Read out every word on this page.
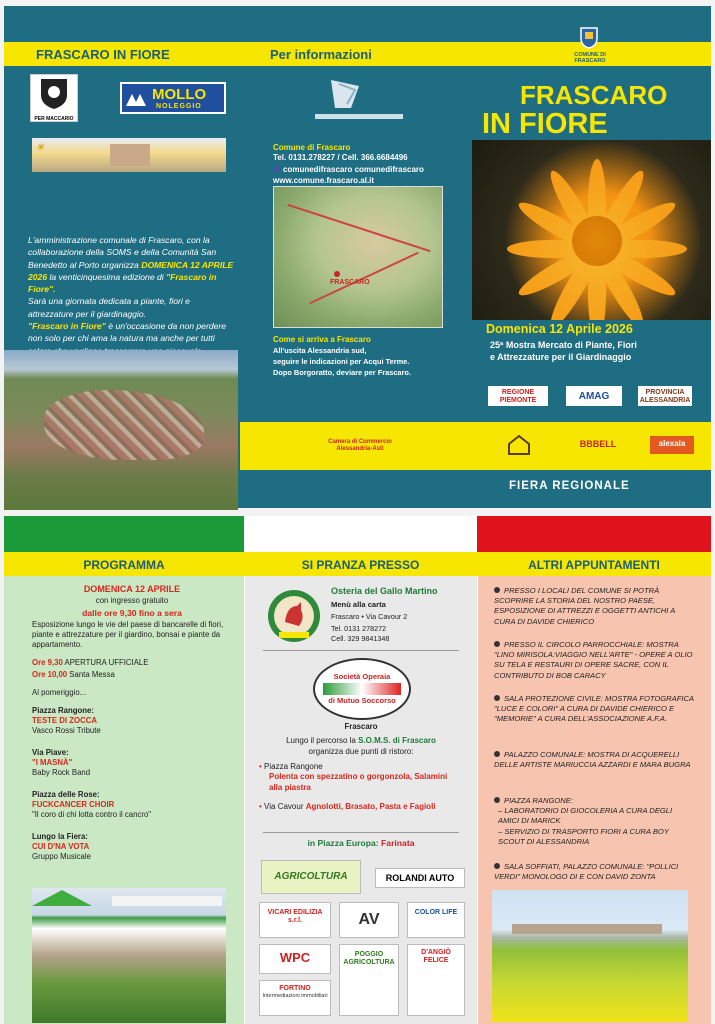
FRASCARO IN FIORE	Per informazioni	COMUNE DI FRASCARO
PER MACCARIO
MOLLO
NOLEGGIO
☀
L'amministrazione comunale di Frascaro, con la collaborazione della SOMS e della Comunità San Benedetto al Porto organizza DOMENICA 12 APRILE 2026 la venticinquesima edizione di "Frascaro in Fiore".
Sarà una giornata dedicata a piante, fiori e attrezzature per il giardinaggio.
"Frascaro in Fiore" è un'occasione da non perdere non solo per chi ama la natura ma anche per tutti
Comune di Frascaro
Tel. 0131.278227 / Cell. 366.6684496
comunedifrascaro comunedifrascaro
www.comune.frascaro.al.it
FRASCARO
Come si arriva a Frascaro
All'uscita Alessandria sud,
seguire le indicazioni per Acqui Terme.
Dopo Borgoratto, deviare per Frascaro.
FRASCARO
IN FIORE
Domenica 12 Aprile 2026
25ª Mostra Mercato di Piante, Fiori
e Attrezzature per il Giardinaggio
REGIONE PIEMONTE	AMAG	PROVINCIA ALESSANDRIA
Camera di Commercio Alessandria-Asti	BBBELL	alexala
FIERA REGIONALE
PROGRAMMA	SI PRANZA PRESSO	ALTRI APPUNTAMENTI
DOMENICA 12 APRILE
con ingresso gratuito
dalle ore 9,30 fino a sera
Esposizione lungo le vie del paese di bancarelle di fiori, piante e attrezzature per il giardino, bonsai e piante da appartamento.
Ore 9,30 APERTURA UFFICIALE
Ore 10,00 Santa Messa
Al pomeriggio...
Piazza Rangone:
TESTE DI ZOCCA
Vasco Rossi Tribute
Via Piave:
"I MASNÀ"
Baby Rock Band
Piazza delle Rose:
FUCKCANCER CHOIR
"Il coro di chi lotta contro il cancro"
Lungo la Fiera:
CUI D'NA VOTA
Gruppo Musicale
Osteria del Gallo Martino
Menù alla carta
Frascaro • Via Cavour 2
Tel. 0131 278272
Cell. 329 9841348
Società Operaia
di Mutuo Soccorso
Frascaro
Lungo il percorso la S.O.M.S. di Frascaro
organizza due punti di ristoro:
• Piazza Rangone
Polenta con spezzatino o gorgonzola, Salamini alla piastra
• Via Cavour Agnolotti, Brasato, Pasta e Fagioli
in Piazza Europa: Farinata
AGRICOLTURA	ROLANDI AUTO
VICARI EDILIZIA s.r.l.	AV	COLOR LIFE
WPC	POGGIO AGRICOLTURA
D'ANGIÒ FELICE
FORTINO
Intermediazioni immobiliari
PRESSO I LOCALI DEL COMUNE SI POTRÀ SCOPRIRE LA STORIA DEL NOSTRO PAESE, ESPOSIZIONE DI ATTREZZI E OGGETTI ANTICHI A CURA DI DAVIDE CHIERICO
PRESSO IL CIRCOLO PARROCCHIALE: MOSTRA "LINO MIRISOLA:VIAGGIO NELL'ARTE" - OPERE A OLIO SU TELA E RESTAURI DI OPERE SACRE, CON IL CONTRIBUTO DI BOB CARACY
SALA PROTEZIONE CIVILE: MOSTRA FOTOGRAFICA "LUCE E COLORI" A CURA DI DAVIDE CHIERICO E "MEMORIE" A CURA DELL'ASSOCIAZIONE A.F.A.
PALAZZO COMUNALE: MOSTRA DI ACQUERELLI DELLE ARTISTE MARIUCCIA AZZARDI E MARA BUGRA
PIAZZA RANGONE:
– LABORATORIO DI GIOCOLERIA A CURA DEGLI AMICI DI MARICK
– SERVIZIO DI TRASPORTO FIORI A CURA BOY SCOUT DI ALESSANDRIA
SALA SOFFIATI, PALAZZO COMUNALE: "POLLICI VERDI" MONOLOGO DI E CON DAVID ZONTA
